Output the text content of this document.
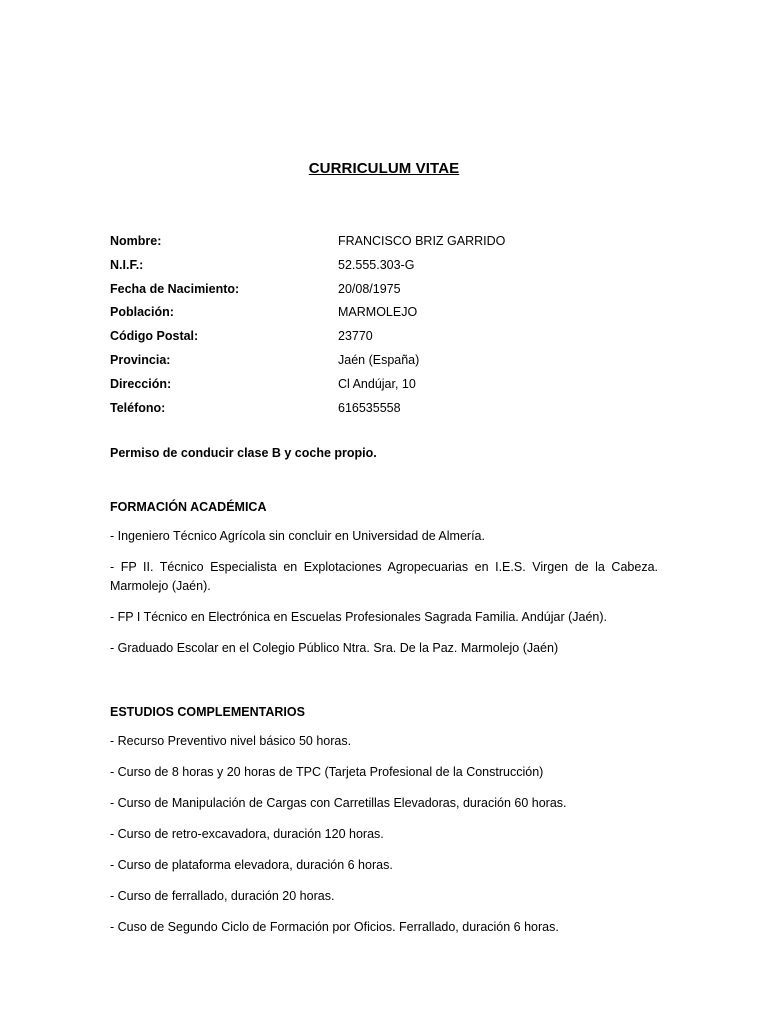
CURRICULUM VITAE
Nombre:	FRANCISCO BRIZ GARRIDO
N.I.F.:	52.555.303-G
Fecha de Nacimiento:	20/08/1975
Población:	MARMOLEJO
Código Postal:	23770
Provincia:	Jaén (España)
Dirección:	Cl Andújar, 10
Teléfono:	616535558
Permiso de conducir clase B y coche propio.
FORMACIÓN ACADÉMICA

- Ingeniero Técnico Agrícola sin concluir en Universidad de Almería.

- FP II. Técnico Especialista en Explotaciones Agropecuarias en I.E.S. Virgen de la Cabeza. Marmolejo (Jaén).

- FP I Técnico en Electrónica en Escuelas Profesionales Sagrada Familia. Andújar (Jaén).

- Graduado Escolar en el Colegio Público Ntra. Sra. De la Paz. Marmolejo (Jaén)

ESTUDIOS COMPLEMENTARIOS

- Recurso Preventivo nivel básico 50 horas.

- Curso de 8 horas y 20 horas de TPC (Tarjeta Profesional de la Construcción)

- Curso de Manipulación de Cargas con Carretillas Elevadoras, duración 60 horas.

- Curso de retro-excavadora, duración 120 horas.

- Curso de plataforma elevadora, duración 6 horas.

- Curso de ferrallado, duración 20 horas.

- Cuso de Segundo Ciclo de Formación por Oficios. Ferrallado, duración 6 horas.
